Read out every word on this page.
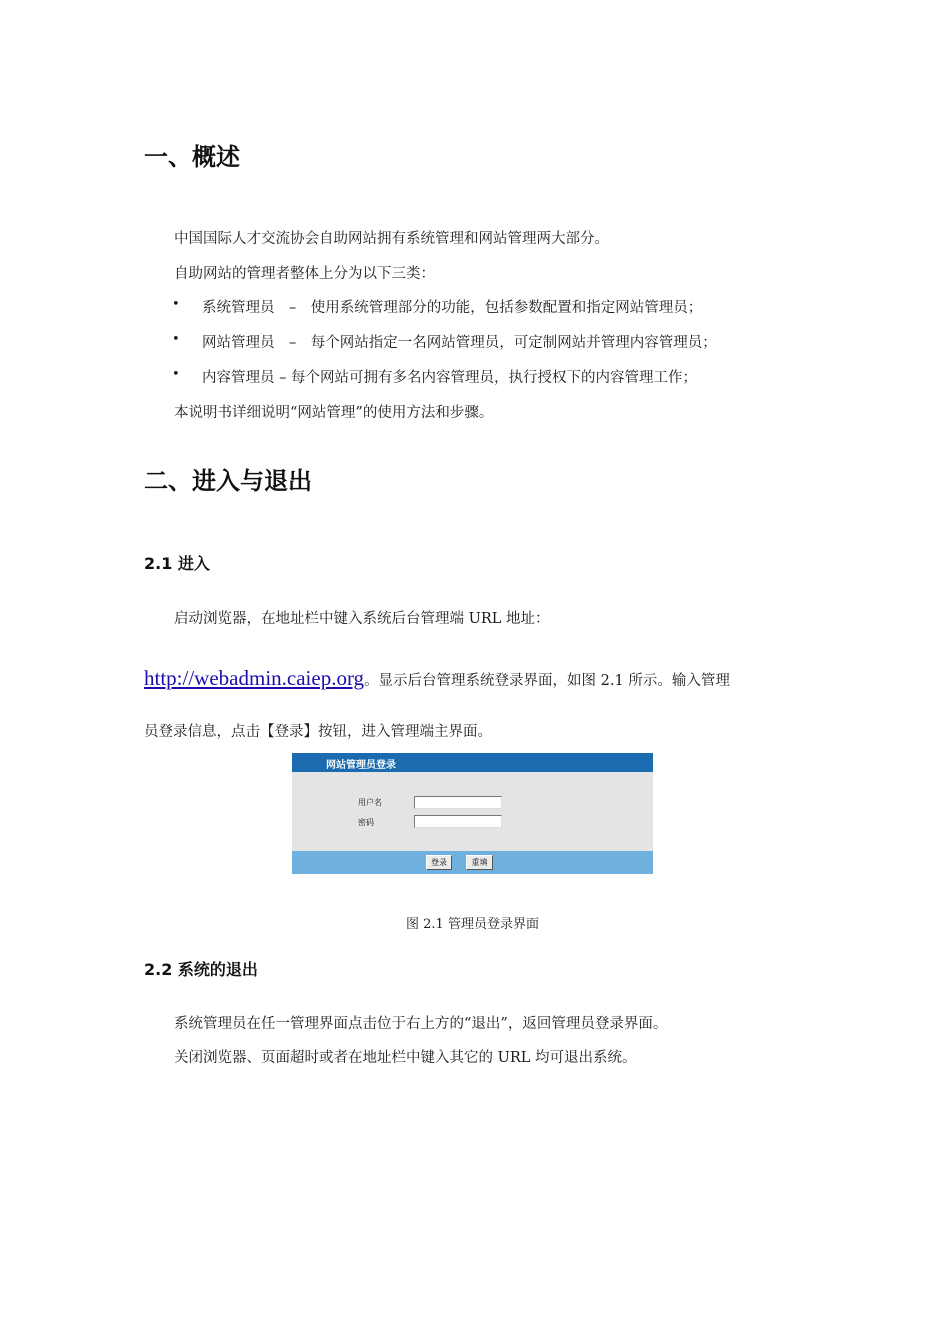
一、概述
中国国际人才交流协会自助网站拥有系统管理和网站管理两大部分。
自助网站的管理者整体上分为以下三类：
• 系统管理员　–　使用系统管理部分的功能，包括参数配置和指定网站管理员；
• 网站管理员　–　每个网站指定一名网站管理员，可定制网站并管理内容管理员；
• 内容管理员 – 每个网站可拥有多名内容管理员，执行授权下的内容管理工作；
本说明书详细说明“网站管理”的使用方法和步骤。
二、进入与退出
2.1 进入
启动浏览器，在地址栏中键入系统后台管理端 URL 地址：
http://webadmin.caiep.org。显示后台管理系统登录界面，如图 2.1 所示。输入管理
员登录信息，点击【登录】按钮，进入管理端主界面。
网站管理员登录
用户名
密码
登录	重填
图 2.1 管理员登录界面
2.2 系统的退出
系统管理员在任一管理界面点击位于右上方的“退出”，返回管理员登录界面。
关闭浏览器、页面超时或者在地址栏中键入其它的 URL 均可退出系统。
